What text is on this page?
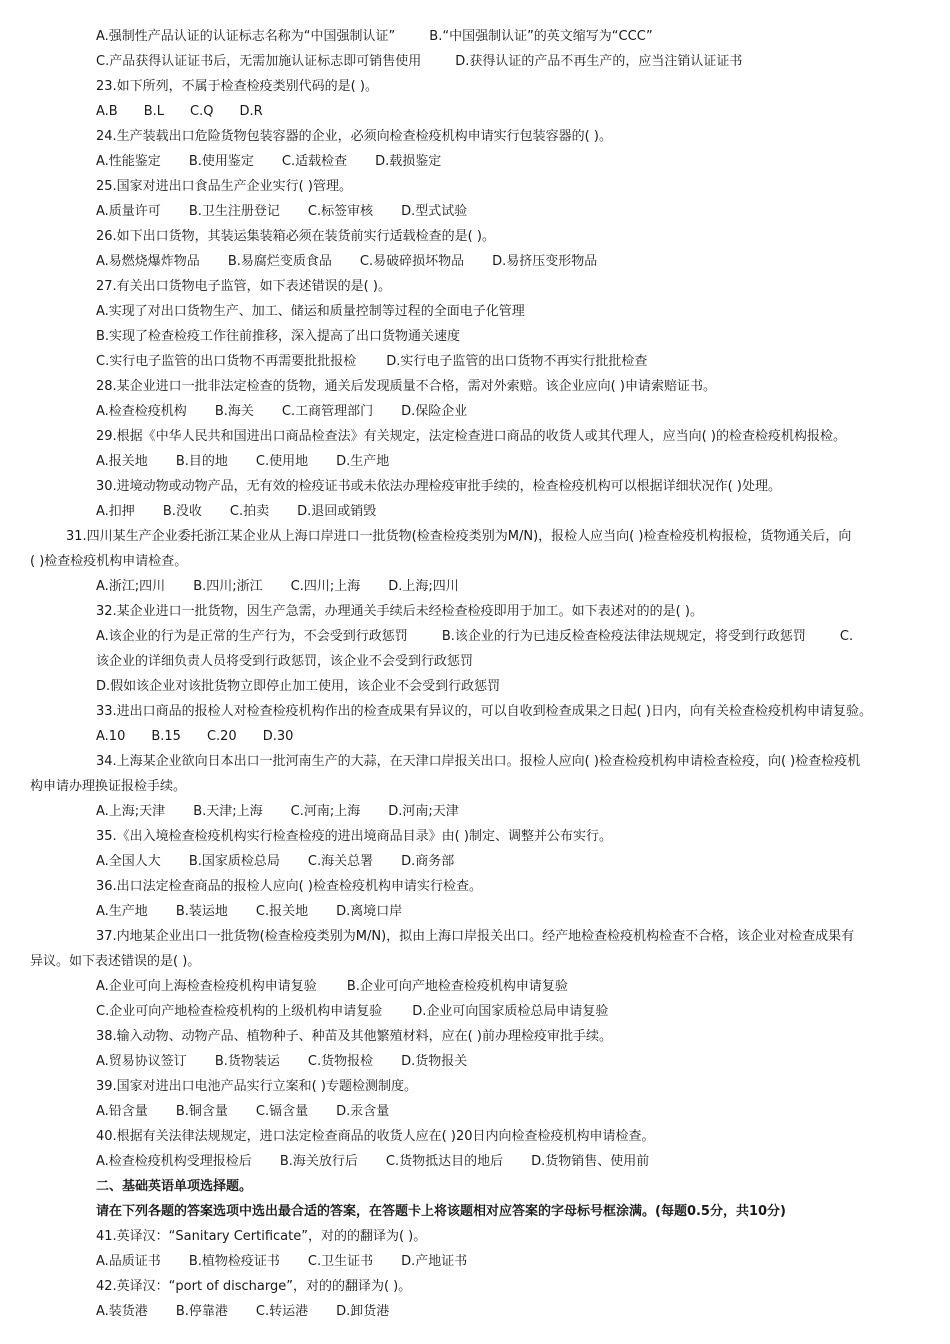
A.强制性产品认证的认证标志名称为“中国强制认证”	B.“中国强制认证”的英文缩写为“CCC”
C.产品获得认证证书后，无需加施认证标志即可销售使用	D.获得认证的产品不再生产的，应当注销认证证书
23.如下所列，不属于检查检疫类别代码的是( )。
A.B B.L C.Q D.R
24.生产装载出口危险货物包装容器的企业，必须向检查检疫机构申请实行包装容器的( )。
A.性能鉴定 B.使用鉴定 C.适载检查 D.载损鉴定
25.国家对进出口食品生产企业实行( )管理。
A.质量许可 B.卫生注册登记 C.标签审核 D.型式试验
26.如下出口货物，其装运集装箱必须在装货前实行适载检查的是( )。
A.易燃烧爆炸物品 B.易腐烂变质食品 C.易破碎损坏物品 D.易挤压变形物品
27.有关出口货物电子监管，如下表述错误的是( )。
A.实现了对出口货物生产、加工、储运和质量控制等过程的全面电子化管理
B.实现了检查检疫工作往前推移，深入提高了出口货物通关速度
C.实行电子监管的出口货物不再需要批批报检 D.实行电子监管的出口货物不再实行批批检查
28.某企业进口一批非法定检查的货物，通关后发现质量不合格，需对外索赔。该企业应向( )申请索赔证书。
A.检查检疫机构 B.海关 C.工商管理部门 D.保险企业
29.根据《中华人民共和国进出口商品检查法》有关规定，法定检查进口商品的收货人或其代理人，应当向( )的检查检疫机构报检。
A.报关地 B.目的地 C.使用地 D.生产地
30.进境动物或动物产品，无有效的检疫证书或未依法办理检疫审批手续的，检查检疫机构可以根据详细状况作( )处理。
A.扣押 B.没收 C.拍卖 D.退回或销毁
31.四川某生产企业委托浙江某企业从上海口岸进口一批货物(检查检疫类别为M/N)，报检人应当向( )检查检疫机构报检，货物通关后，向
( )检查检疫机构申请检查。
A.浙江;四川 B.四川;浙江 C.四川;上海 D.上海;四川
32.某企业进口一批货物，因生产急需，办理通关手续后未经检查检疫即用于加工。如下表述对的的是( )。
A.该企业的行为是正常的生产行为，不会受到行政惩罚	B.该企业的行为已违反检查检疫法律法规规定，将受到行政惩罚	C.
该企业的详细负责人员将受到行政惩罚，该企业不会受到行政惩罚
D.假如该企业对该批货物立即停止加工使用，该企业不会受到行政惩罚
33.进出口商品的报检人对检查检疫机构作出的检查成果有异议的，可以自收到检查成果之日起( )日内，向有关检查检疫机构申请复验。
A.10 B.15 C.20 D.30
34.上海某企业欲向日本出口一批河南生产的大蒜，在天津口岸报关出口。报检人应向( )检查检疫机构申请检查检疫，向( )检查检疫机
构申请办理换证报检手续。
A.上海;天津 B.天津;上海 C.河南;上海 D.河南;天津
35.《出入境检查检疫机构实行检查检疫的进出境商品目录》由( )制定、调整并公布实行。
A.全国人大 B.国家质检总局 C.海关总署 D.商务部
36.出口法定检查商品的报检人应向( )检查检疫机构申请实行检查。
A.生产地 B.装运地 C.报关地 D.离境口岸
37.内地某企业出口一批货物(检查检疫类别为M/N)，拟由上海口岸报关出口。经产地检查检疫机构检查不合格，该企业对检查成果有
异议。如下表述错误的是( )。
A.企业可向上海检查检疫机构申请复验 B.企业可向产地检查检疫机构申请复验
C.企业可向产地检查检疫机构的上级机构申请复验 D.企业可向国家质检总局申请复验
38.输入动物、动物产品、植物种子、种苗及其他繁殖材料，应在( )前办理检疫审批手续。
A.贸易协议签订 B.货物装运 C.货物报检 D.货物报关
39.国家对进出口电池产品实行立案和( )专题检测制度。
A.铅含量 B.铜含量 C.镉含量 D.汞含量
40.根据有关法律法规规定，进口法定检查商品的收货人应在( )20日内向检查检疫机构申请检查。
A.检查检疫机构受理报检后 B.海关放行后 C.货物抵达目的地后 D.货物销售、使用前
二、基础英语单项选择题。
请在下列各题的答案选项中选出最合适的答案，在答题卡上将该题相对应答案的字母标号框涂满。(每题0.5分，共10分)
41.英译汉：“Sanitary Certificate”，对的的翻译为( )。
A.品质证书 B.植物检疫证书 C.卫生证书 D.产地证书
42.英译汉：“port of discharge”，对的的翻译为( )。
A.装货港 B.停靠港 C.转运港 D.卸货港
